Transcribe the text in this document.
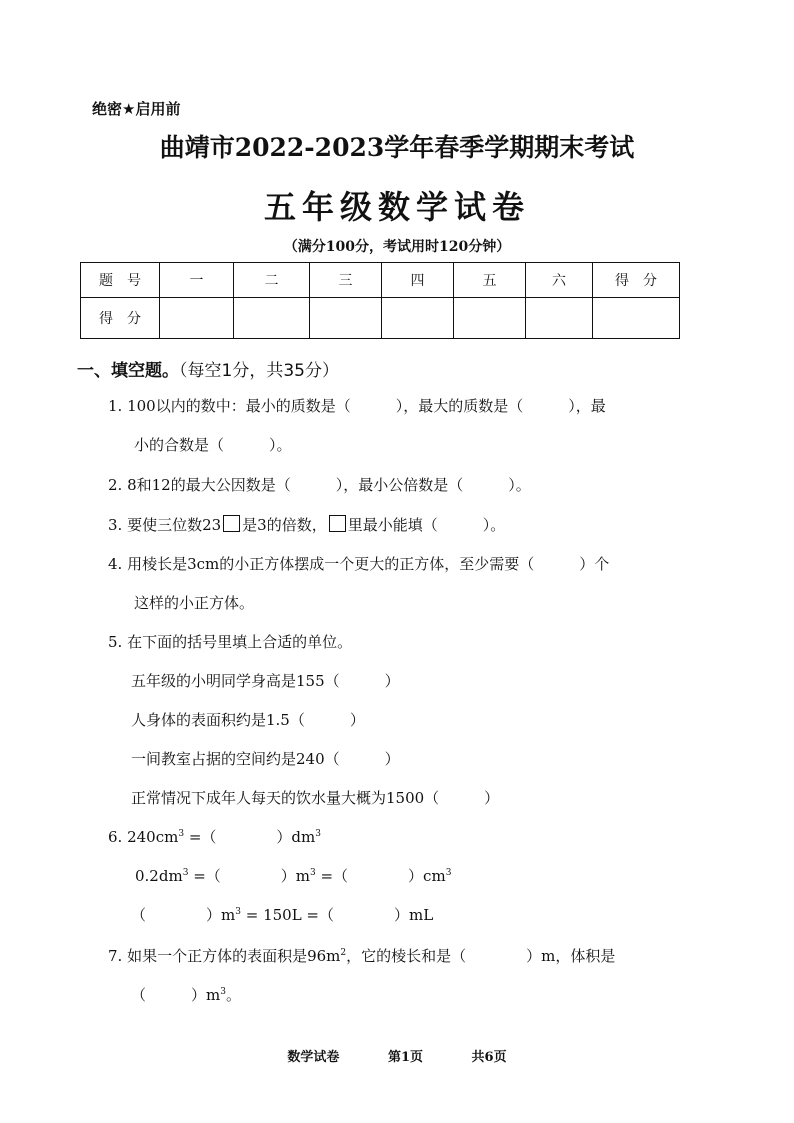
绝密★启用前
曲靖市2022-2023学年春季学期期末考试
五年级数学试卷
（满分100分，考试用时120分钟）
题　号	一	二	三	四	五	六	得　分
得　分							
一、填空题。（每空1分，共35分）
1. 100以内的数中：最小的质数是（　　　），最大的质数是（　　　），最
小的合数是（　　　）。
2. 8和12的最大公因数是（　　　），最小公倍数是（　　　）。
3. 要使三位数23 是3的倍数， 里最小能填（　　　）。
4. 用棱长是3cm的小正方体摆成一个更大的正方体，至少需要（　　　）个
这样的小正方体。
5. 在下面的括号里填上合适的单位。
五年级的小明同学身高是155（　　　）
人身体的表面积约是1.5（　　　）
一间教室占据的空间约是240（　　　）
正常情况下成年人每天的饮水量大概为1500（　　　）
6. $240cm^3$ =（　　　　）$dm^3$
$0.2dm^3$ =（　　　　）$m^3$ =（　　　　）$cm^3$
（　　　　）$m^3 = 150L$ =（　　　　）mL
7. 如果一个正方体的表面积是$96m^2$，它的棱长和是（　　　　）m，体积是
（　　　）$m^3$。
数学试卷	第1页	共6页
